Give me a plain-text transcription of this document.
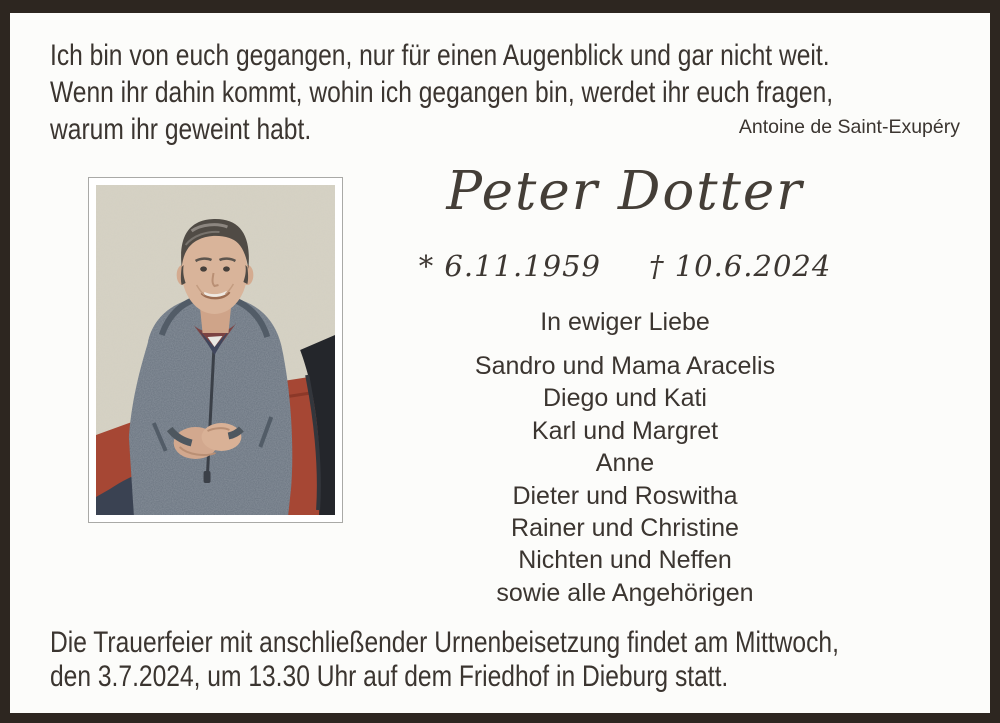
Ich bin von euch gegangen, nur für einen Augenblick und gar nicht weit.
Wenn ihr dahin kommt, wohin ich gegangen bin, werdet ihr euch fragen,
warum ihr geweint habt.	Antoine de Saint-Exupéry
Peter Dotter
* 6.11.1959 † 10.6.2024
In ewiger Liebe
Sandro und Mama Aracelis
Diego und Kati
Karl und Margret
Anne
Dieter und Roswitha
Rainer und Christine
Nichten und Neffen
sowie alle Angehörigen
Die Trauerfeier mit anschließender Urnenbeisetzung findet am Mittwoch,
den 3.7.2024, um 13.30 Uhr auf dem Friedhof in Dieburg statt.
